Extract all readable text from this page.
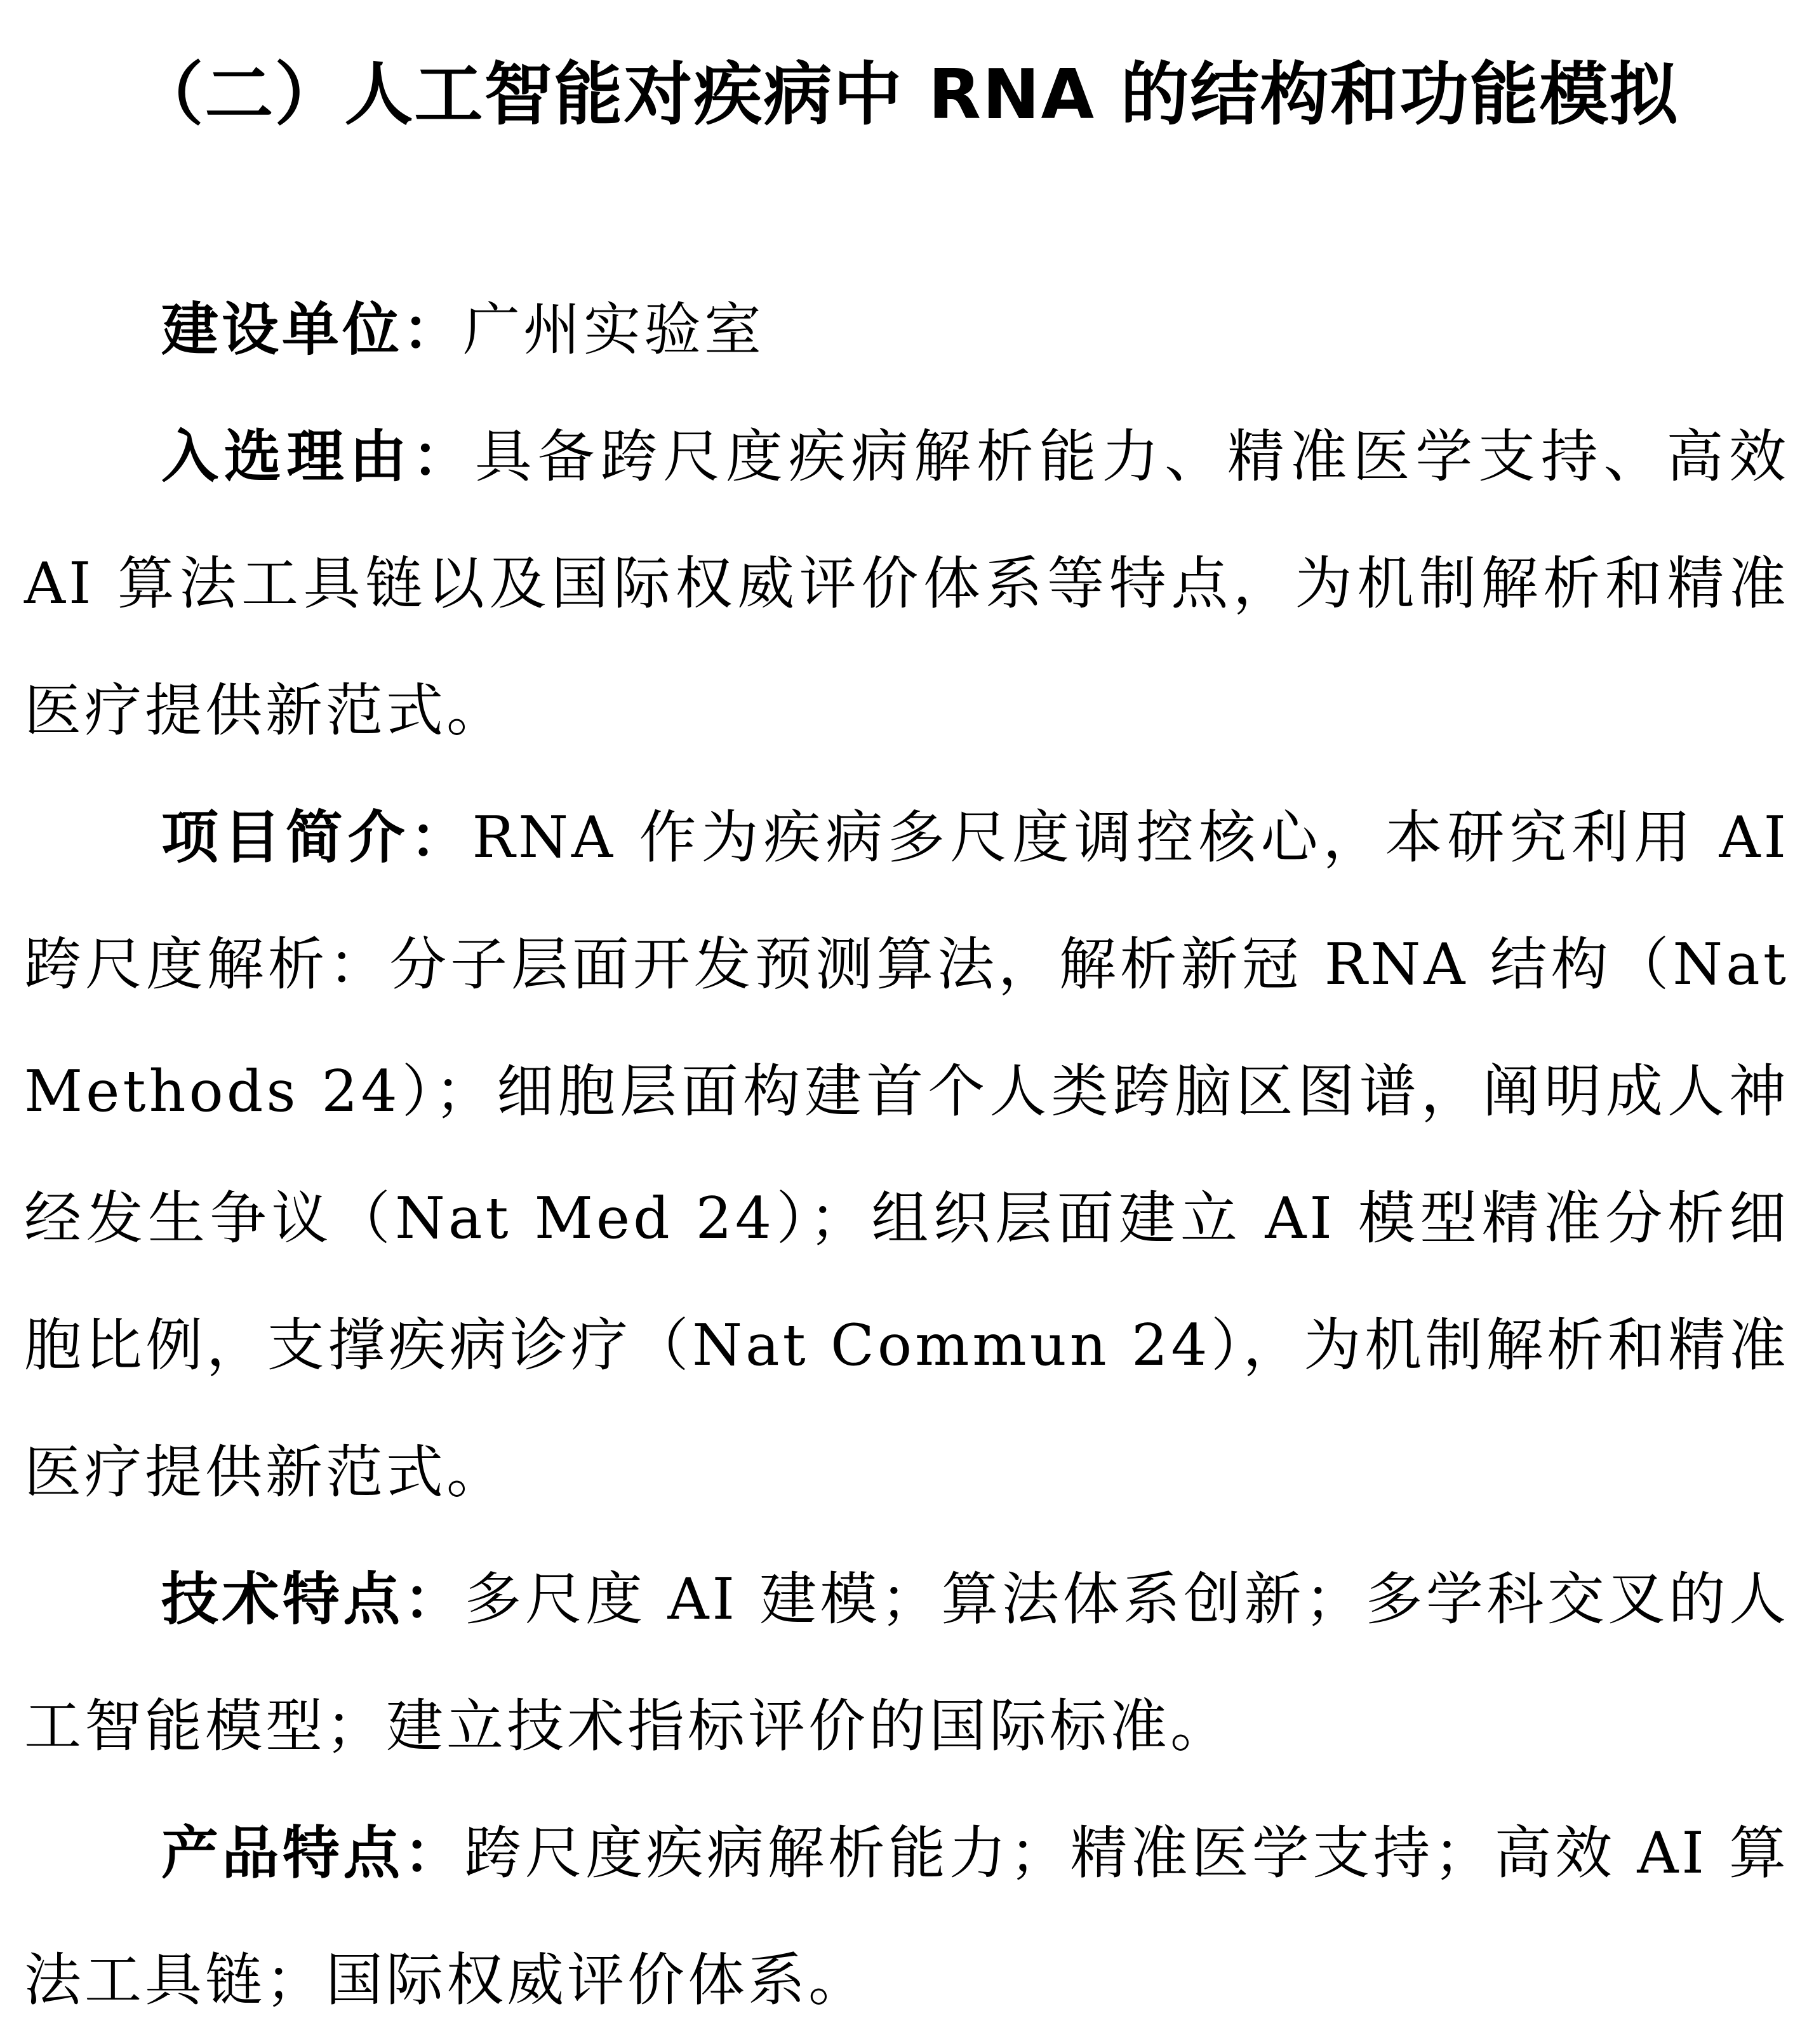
（二）人工智能对疾病中 RNA 的结构和功能模拟

建设单位：广州实验室

入选理由：具备跨尺度疾病解析能力、精准医学支持、高效 AI 算法工具链以及国际权威评价体系等特点，为机制解析和精准医疗提供新范式。

项目简介：RNA 作为疾病多尺度调控核心，本研究利用 AI 跨尺度解析：分子层面开发预测算法，解析新冠 RNA 结构（Nat Methods 24）；细胞层面构建首个人类跨脑区图谱，阐明成人神经发生争议（Nat Med 24）；组织层面建立 AI 模型精准分析细胞比例，支撑疾病诊疗（Nat Commun 24），为机制解析和精准医疗提供新范式。

技术特点：多尺度 AI 建模；算法体系创新；多学科交叉的人工智能模型；建立技术指标评价的国际标准。

产品特点：跨尺度疾病解析能力；精准医学支持；高效 AI 算法工具链；国际权威评价体系。
